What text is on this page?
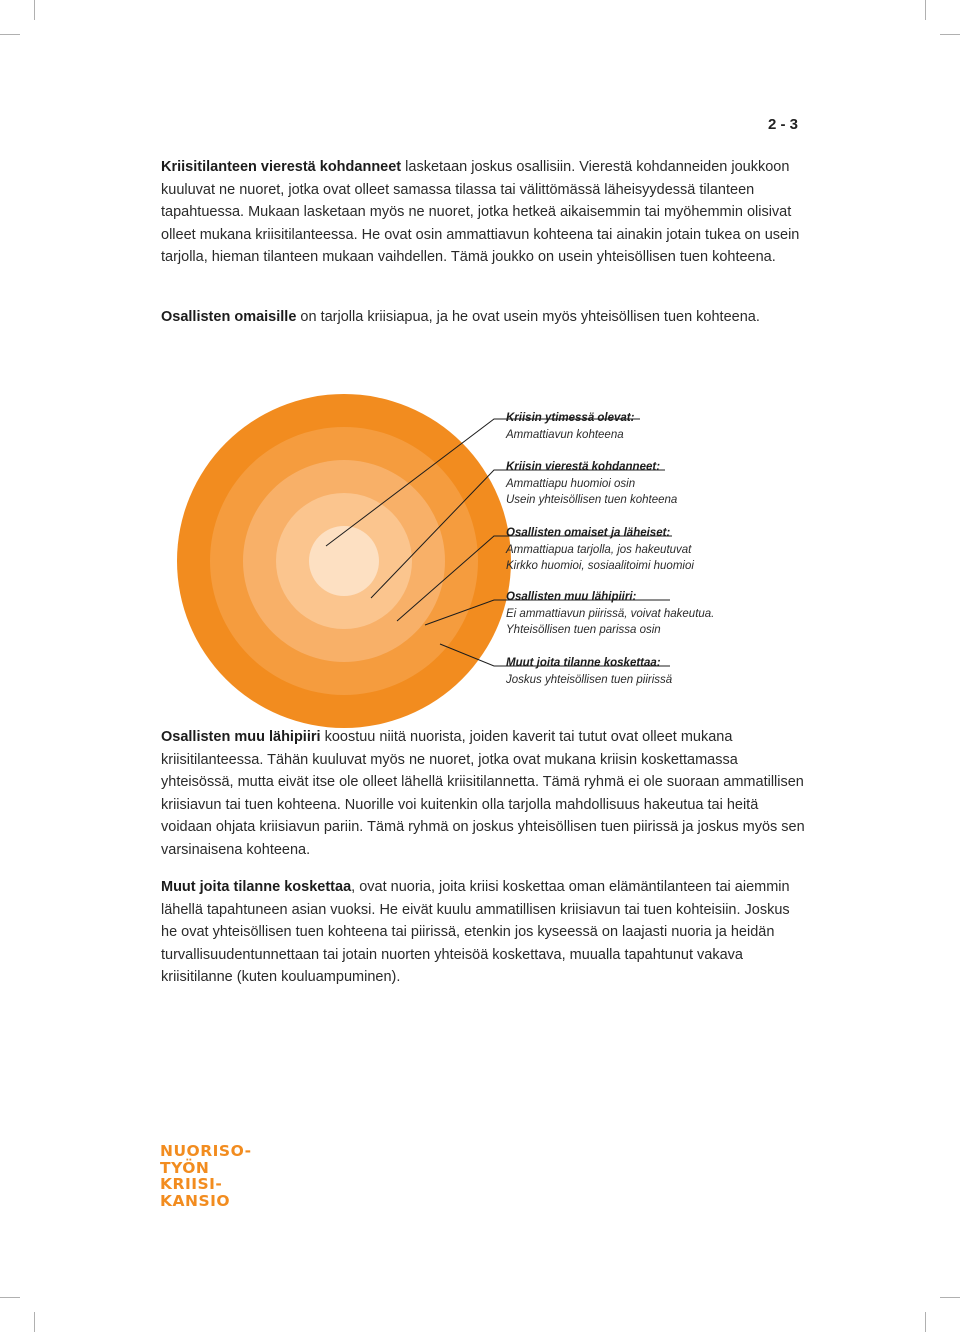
2 - 3

Kriisitilanteen vierestä kohdanneet lasketaan joskus osallisiin. Vierestä kohdanneiden joukkoon kuuluvat ne nuoret, jotka ovat olleet samassa tilassa tai välittömässä läheisyydessä tilanteen tapahtuessa. Mukaan lasketaan myös ne nuoret, jotka hetkeä aikaisemmin tai myöhemmin olisivat olleet mukana kriisitilanteessa. He ovat osin ammattiavun kohteena tai ainakin jotain tukea on usein tarjolla, hieman tilanteen mukaan vaihdellen. Tämä joukko on usein yhteisöllisen tuen kohteena.

Osallisten omaisille on tarjolla kriisiapua, ja he ovat usein myös yhteisöllisen tuen kohteena.

Kriisin ytimessä olevat:
Ammattiavun kohteena
Kriisin vierestä kohdanneet:
Ammattiapu huomioi osin
Usein yhteisöllisen tuen kohteena
Osallisten omaiset ja läheiset:
Ammattiapua tarjolla, jos hakeutuvat
Kirkko huomioi, sosiaalitoimi huomioi
Osallisten muu lähipiiri:
Ei ammattiavun piirissä, voivat hakeutua.
Yhteisöllisen tuen parissa osin
Muut joita tilanne koskettaa:
Joskus yhteisöllisen tuen piirissä

Osallisten muu lähipiiri koostuu niitä nuorista, joiden kaverit tai tutut ovat olleet mukana kriisitilanteessa. Tähän kuuluvat myös ne nuoret, jotka ovat mukana kriisin koskettamassa yhteisössä, mutta eivät itse ole olleet lähellä kriisitilannetta. Tämä ryhmä ei ole suoraan ammatillisen kriisiavun tai tuen kohteena. Nuorille voi kuitenkin olla tarjolla mahdollisuus hakeutua tai heitä voidaan ohjata kriisiavun pariin. Tämä ryhmä on joskus yhteisöllisen tuen piirissä ja joskus myös sen varsinaisena kohteena.

Muut joita tilanne koskettaa, ovat nuoria, joita kriisi koskettaa oman elämäntilanteen tai aiemmin lähellä tapahtuneen asian vuoksi. He eivät kuulu ammatillisen kriisiavun tai tuen kohteisiin. Joskus he ovat yhteisöllisen tuen kohteena tai piirissä, etenkin jos kyseessä on laajasti nuoria ja heidän turvallisuudentunnettaan tai jotain nuorten yhteisöä koskettava, muualla tapahtunut vakava kriisitilanne (kuten kouluampuminen).

NUORISO-
TYÖN
KRIISI-
KANSIO
